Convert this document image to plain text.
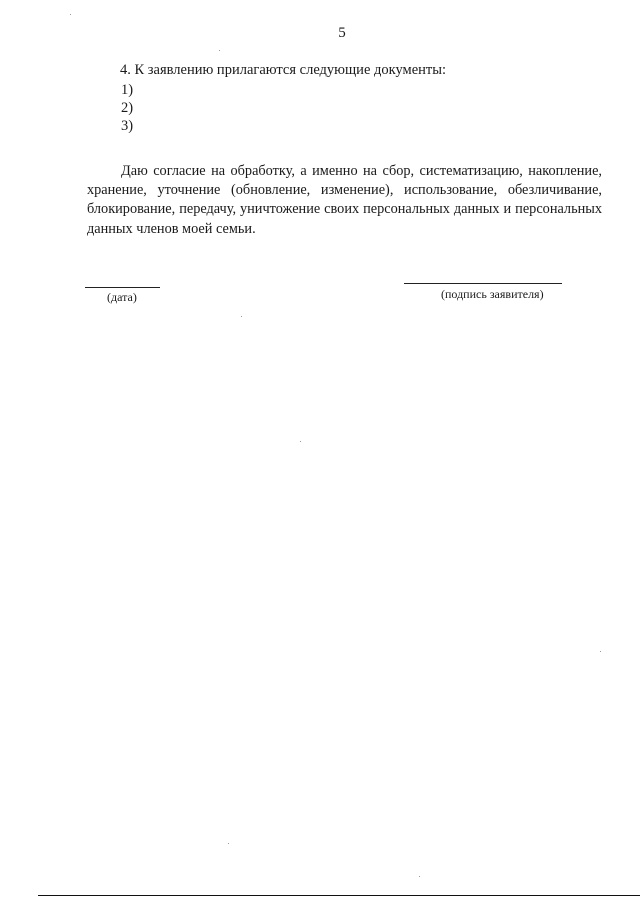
5
4. К заявлению прилагаются следующие документы:
1)
2)
3)

Даю согласие на обработку, а именно на сбор, систематизацию, накопление, хранение, уточнение (обновление, изменение), использование, обезличивание, блокирование, передачу, уничтожение своих персональных данных и персональных данных членов моей семьи.

(дата)	(подпись заявителя)
